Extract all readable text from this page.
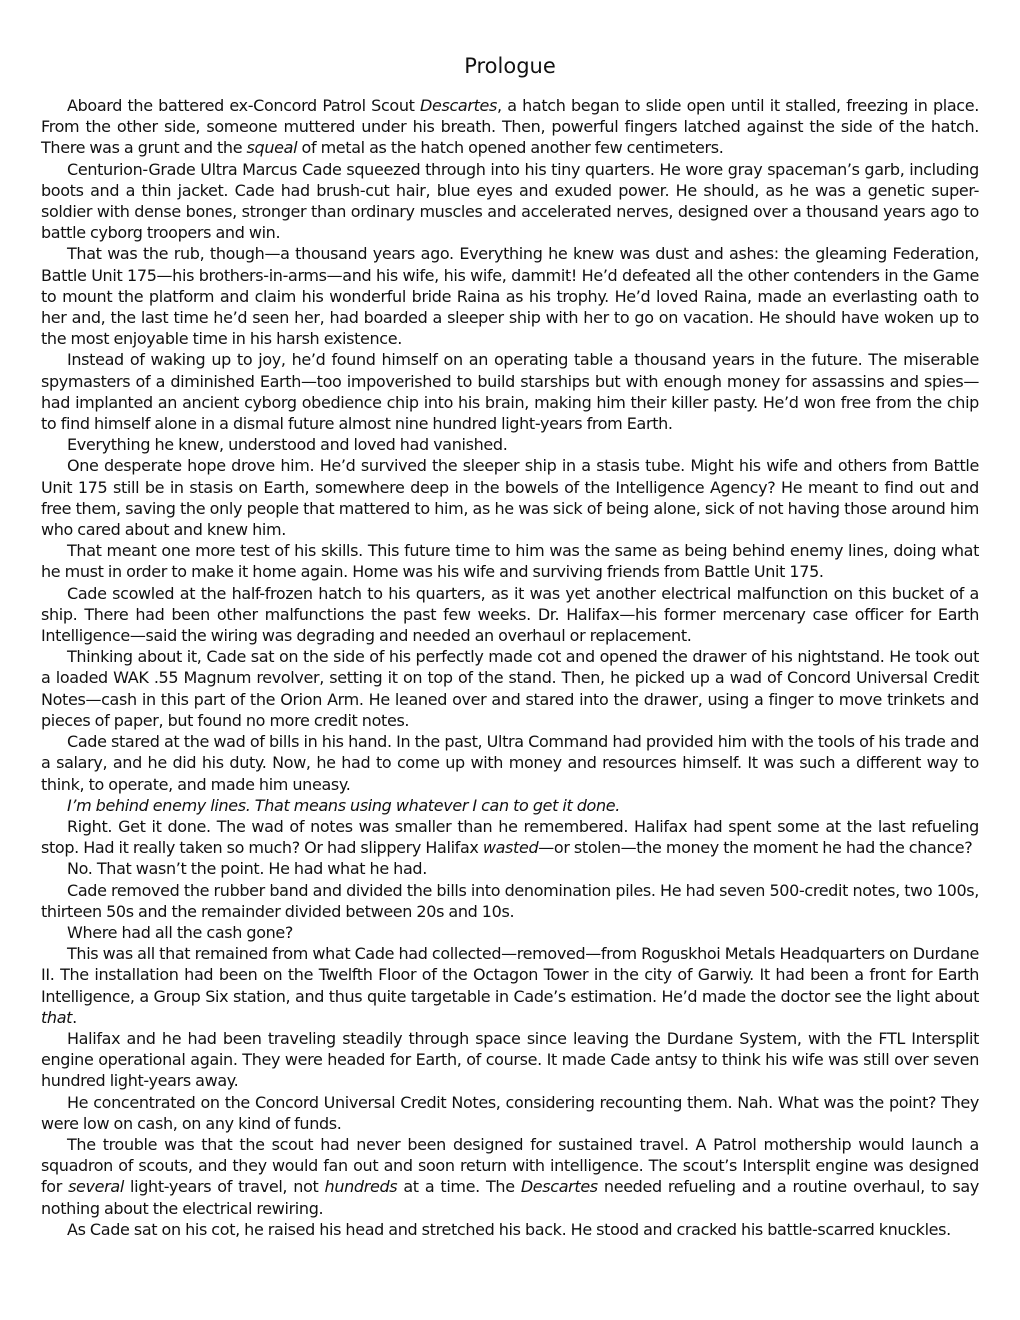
Prologue

Aboard the battered ex-Concord Patrol Scout Descartes, a hatch began to slide open until it stalled, freezing in place. From the other side, someone muttered under his breath. Then, powerful fingers latched against the side of the hatch. There was a grunt and the squeal of metal as the hatch opened another few centimeters.

Centurion-Grade Ultra Marcus Cade squeezed through into his tiny quarters. He wore gray spaceman’s garb, including boots and a thin jacket. Cade had brush-cut hair, blue eyes and exuded power. He should, as he was a genetic super-soldier with dense bones, stronger than ordinary muscles and accelerated nerves, designed over a thousand years ago to battle cyborg troopers and win.

That was the rub, though—a thousand years ago. Everything he knew was dust and ashes: the gleaming Federation, Battle Unit 175—his brothers-in-arms—and his wife, his wife, dammit! He’d defeated all the other contenders in the Game to mount the platform and claim his wonderful bride Raina as his trophy. He’d loved Raina, made an everlasting oath to her and, the last time he’d seen her, had boarded a sleeper ship with her to go on vacation. He should have woken up to the most enjoyable time in his harsh existence.

Instead of waking up to joy, he’d found himself on an operating table a thousand years in the future. The miserable spymasters of a diminished Earth—too impoverished to build starships but with enough money for assassins and spies—had implanted an ancient cyborg obedience chip into his brain, making him their killer pasty. He’d won free from the chip to find himself alone in a dismal future almost nine hundred light-years from Earth.

Everything he knew, understood and loved had vanished.

One desperate hope drove him. He’d survived the sleeper ship in a stasis tube. Might his wife and others from Battle Unit 175 still be in stasis on Earth, somewhere deep in the bowels of the Intelligence Agency? He meant to find out and free them, saving the only people that mattered to him, as he was sick of being alone, sick of not having those around him who cared about and knew him.

That meant one more test of his skills. This future time to him was the same as being behind enemy lines, doing what he must in order to make it home again. Home was his wife and surviving friends from Battle Unit 175.

Cade scowled at the half-frozen hatch to his quarters, as it was yet another electrical malfunction on this bucket of a ship. There had been other malfunctions the past few weeks. Dr. Halifax—his former mercenary case officer for Earth Intelligence—said the wiring was degrading and needed an overhaul or replacement.

Thinking about it, Cade sat on the side of his perfectly made cot and opened the drawer of his nightstand. He took out a loaded WAK .55 Magnum revolver, setting it on top of the stand. Then, he picked up a wad of Concord Universal Credit Notes—cash in this part of the Orion Arm. He leaned over and stared into the drawer, using a finger to move trinkets and pieces of paper, but found no more credit notes.

Cade stared at the wad of bills in his hand. In the past, Ultra Command had provided him with the tools of his trade and a salary, and he did his duty. Now, he had to come up with money and resources himself. It was such a different way to think, to operate, and made him uneasy.

I’m behind enemy lines. That means using whatever I can to get it done.

Right. Get it done. The wad of notes was smaller than he remembered. Halifax had spent some at the last refueling stop. Had it really taken so much? Or had slippery Halifax wasted—or stolen—the money the moment he had the chance?

No. That wasn’t the point. He had what he had.

Cade removed the rubber band and divided the bills into denomination piles. He had seven 500-credit notes, two 100s, thirteen 50s and the remainder divided between 20s and 10s.

Where had all the cash gone?

This was all that remained from what Cade had collected—removed—from Roguskhoi Metals Headquarters on Durdane II. The installation had been on the Twelfth Floor of the Octagon Tower in the city of Garwiy. It had been a front for Earth Intelligence, a Group Six station, and thus quite targetable in Cade’s estimation. He’d made the doctor see the light about that.

Halifax and he had been traveling steadily through space since leaving the Durdane System, with the FTL Intersplit engine operational again. They were headed for Earth, of course. It made Cade antsy to think his wife was still over seven hundred light-years away.

He concentrated on the Concord Universal Credit Notes, considering recounting them. Nah. What was the point? They were low on cash, on any kind of funds.

The trouble was that the scout had never been designed for sustained travel. A Patrol mothership would launch a squadron of scouts, and they would fan out and soon return with intelligence. The scout’s Intersplit engine was designed for several light-years of travel, not hundreds at a time. The Descartes needed refueling and a routine overhaul, to say nothing about the electrical rewiring.

As Cade sat on his cot, he raised his head and stretched his back. He stood and cracked his battle-scarred knuckles.
